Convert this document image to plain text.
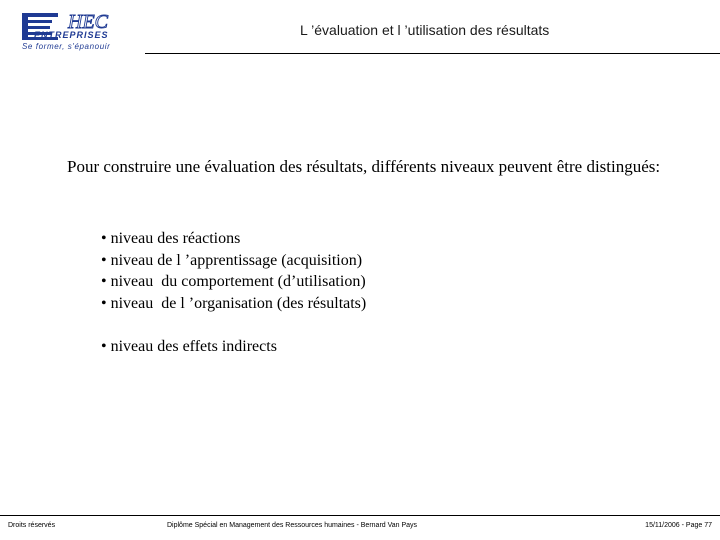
HEC
ENTREPRISES
Se former, s'épanouir
L ’évaluation et l ’utilisation des résultats
Pour construire une évaluation des résultats, différents niveaux peuvent être distingués:
• niveau des réactions
• niveau de l ’apprentissage (acquisition)
• niveau  du comportement (d’utilisation)
• niveau  de l ’organisation (des résultats)
• niveau des effets indirects
Droits réservés	Diplôme Spécial en Management des Ressources humaines - Bernard Van Pays	15/11/2006 - Page 77
